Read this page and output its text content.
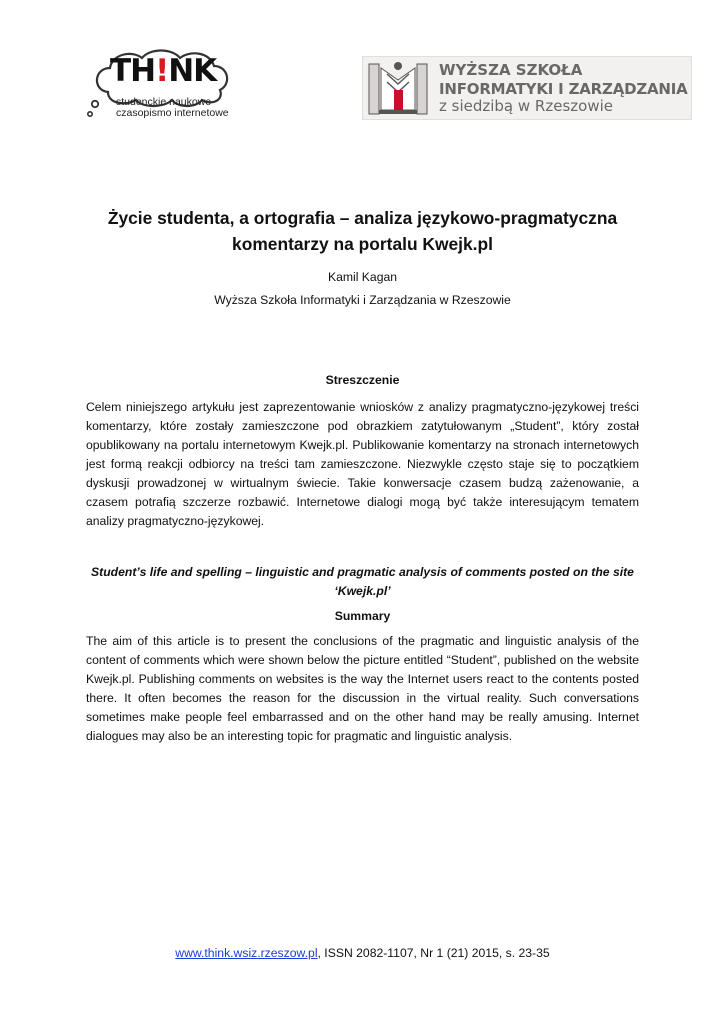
TH!NK
studenckie naukowe
czasopismo internetowe
WYŻSZA SZKOŁA
INFORMATYKI I ZARZĄDZANIA
z siedzibą w Rzeszowie
Życie studenta, a ortografia – analiza językowo-pragmatyczna
komentarzy na portalu Kwejk.pl
Kamil Kagan
Wyższa Szkoła Informatyki i Zarządzania w Rzeszowie
Streszczenie

Celem niniejszego artykułu jest zaprezentowanie wniosków z analizy pragmatyczno-językowej treści komentarzy, które zostały zamieszczone pod obrazkiem zatytułowanym „Student”, który został opublikowany na portalu internetowym Kwejk.pl. Publikowanie komentarzy na stronach internetowych jest formą reakcji odbiorcy na treści tam zamieszczone. Niezwykle często staje się to początkiem dyskusji prowadzonej w wirtualnym świecie. Takie konwersacje czasem budzą zażenowanie, a czasem potrafią szczerze rozbawić. Internetowe dialogi mogą być także interesującym tematem analizy pragmatyczno-językowej.

Student’s life and spelling – linguistic and pragmatic analysis of comments posted on the site
‘Kwejk.pl’
Summary

The aim of this article is to present the conclusions of the pragmatic and linguistic analysis of the content of comments which were shown below the picture entitled “Student”, published on the website Kwejk.pl. Publishing comments on websites is the way the Internet users react to the contents posted there. It often becomes the reason for the discussion in the virtual reality. Such conversations sometimes make people feel embarrassed and on the other hand may be really amusing. Internet dialogues may also be an interesting topic for pragmatic and linguistic analysis.

www.think.wsiz.rzeszow.pl, ISSN 2082-1107, Nr 1 (21) 2015, s. 23-35
